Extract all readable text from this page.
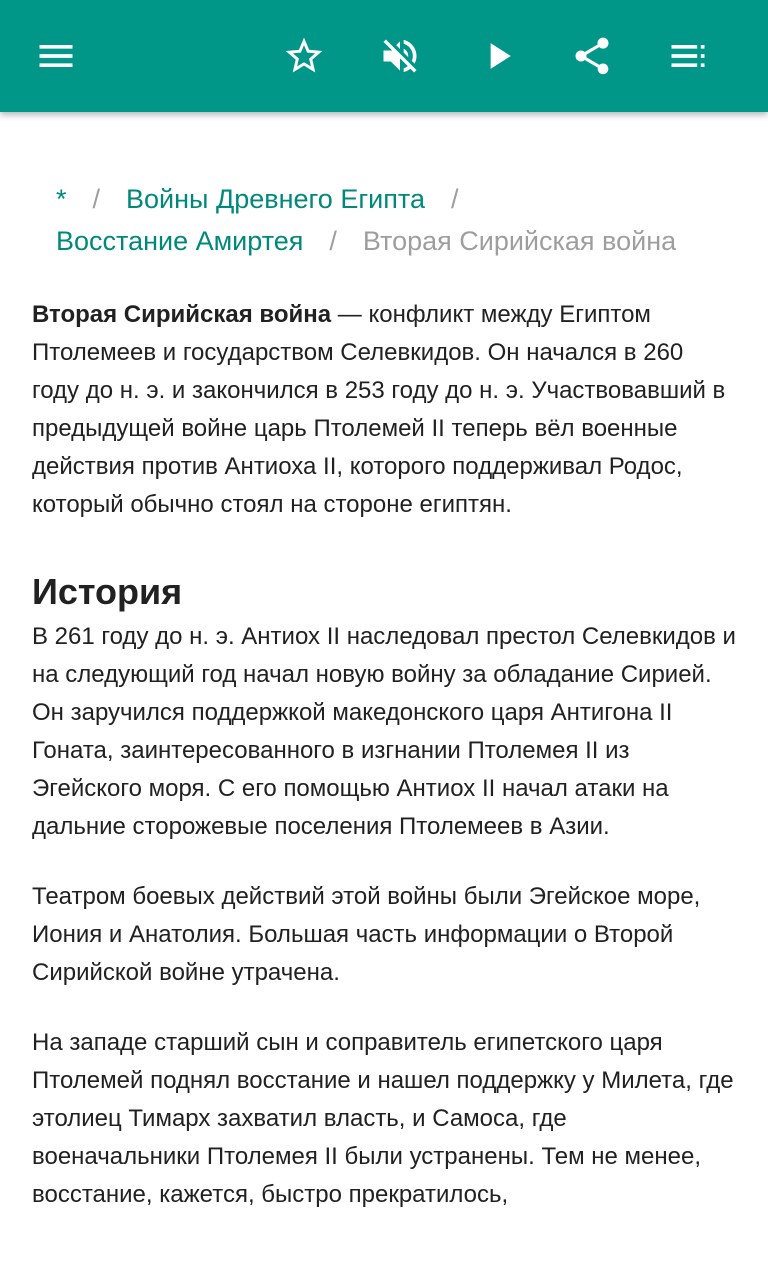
* / Войны Древнего Египта /
Восстание Амиртея / Вторая Сирийская война

Вторая Сирийская война — конфликт между Египтом Птолемеев и государством Селевкидов. Он начался в 260 году до н. э. и закончился в 253 году до н. э. Участвовавший в предыдущей войне царь Птолемей II теперь вёл военные действия против Антиоха II, которого поддерживал Родос, который обычно стоял на стороне египтян.

История

В 261 году до н. э. Антиох II наследовал престол Селевкидов и на следующий год начал новую войну за обладание Сирией. Он заручился поддержкой македонского царя Антигона II Гоната, заинтересованного в изгнании Птолемея II из Эгейского моря. С его помощью Антиох II начал атаки на дальние сторожевые поселения Птолемеев в Азии.

Театром боевых действий этой войны были Эгейское море, Иония и Анатолия. Большая часть информации о Второй Сирийской войне утрачена.

На западе старший сын и соправитель египетского царя Птолемей поднял восстание и нашел поддержку у Милета, где этолиец Тимарх захватил власть, и Самоса, где военачальники Птолемея II были устранены. Тем не менее, восстание, кажется, быстро прекратилось,
